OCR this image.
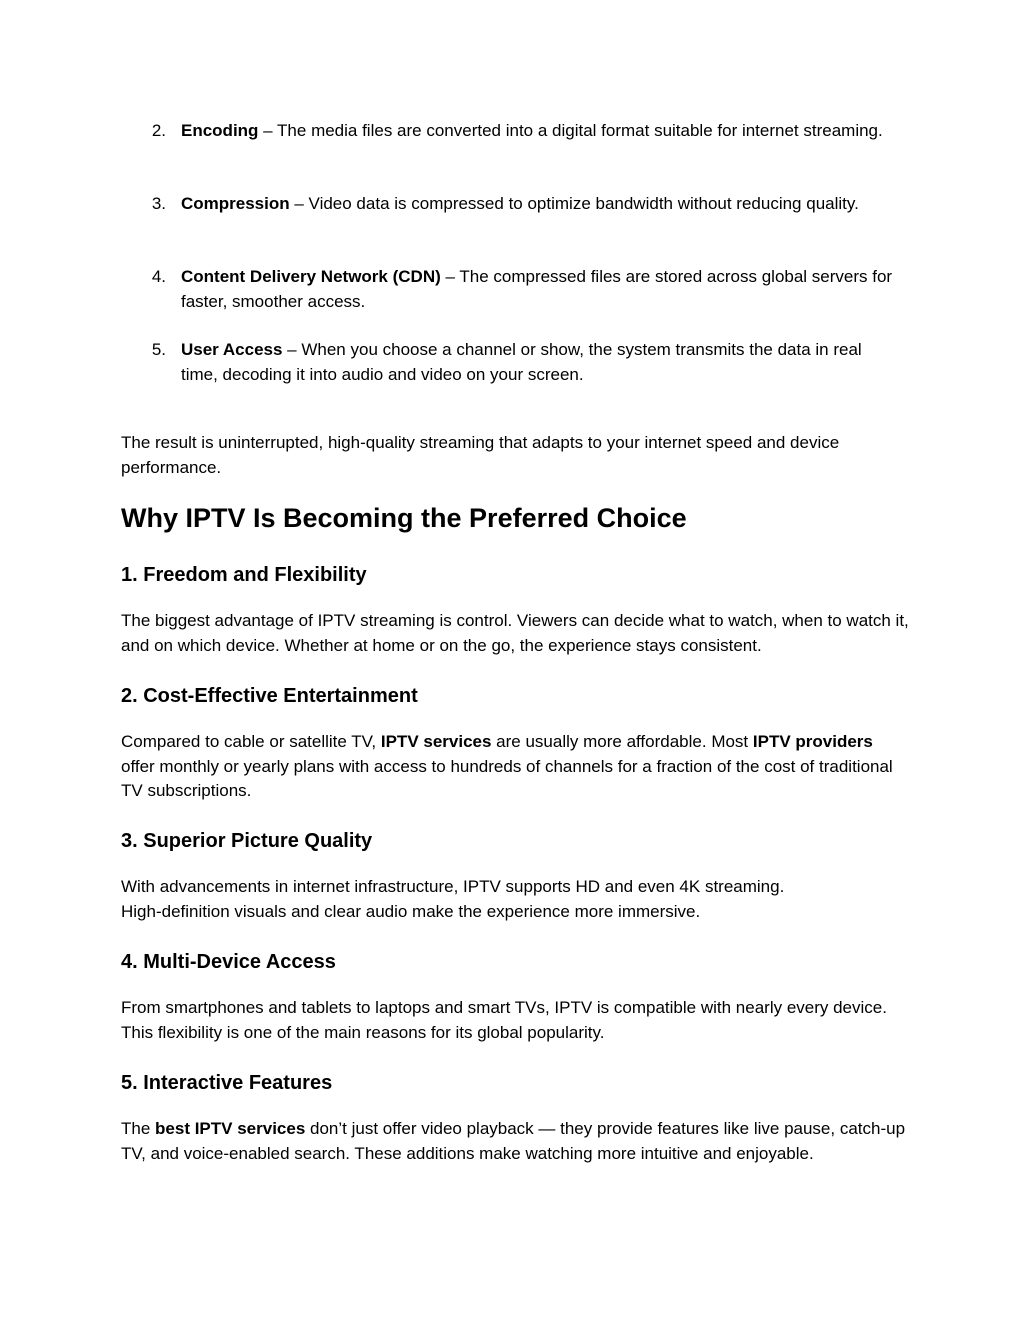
2. Encoding – The media files are converted into a digital format suitable for internet streaming.
3. Compression – Video data is compressed to optimize bandwidth without reducing quality.
4. Content Delivery Network (CDN) – The compressed files are stored across global servers for faster, smoother access.
5. User Access – When you choose a channel or show, the system transmits the data in real time, decoding it into audio and video on your screen.
The result is uninterrupted, high-quality streaming that adapts to your internet speed and device performance.
Why IPTV Is Becoming the Preferred Choice
1. Freedom and Flexibility
The biggest advantage of IPTV streaming is control. Viewers can decide what to watch, when to watch it, and on which device. Whether at home or on the go, the experience stays consistent.
2. Cost-Effective Entertainment
Compared to cable or satellite TV, IPTV services are usually more affordable. Most IPTV providers offer monthly or yearly plans with access to hundreds of channels for a fraction of the cost of traditional TV subscriptions.
3. Superior Picture Quality
With advancements in internet infrastructure, IPTV supports HD and even 4K streaming.
High-definition visuals and clear audio make the experience more immersive.
4. Multi-Device Access
From smartphones and tablets to laptops and smart TVs, IPTV is compatible with nearly every device. This flexibility is one of the main reasons for its global popularity.
5. Interactive Features
The best IPTV services don’t just offer video playback — they provide features like live pause, catch-up TV, and voice-enabled search. These additions make watching more intuitive and enjoyable.
